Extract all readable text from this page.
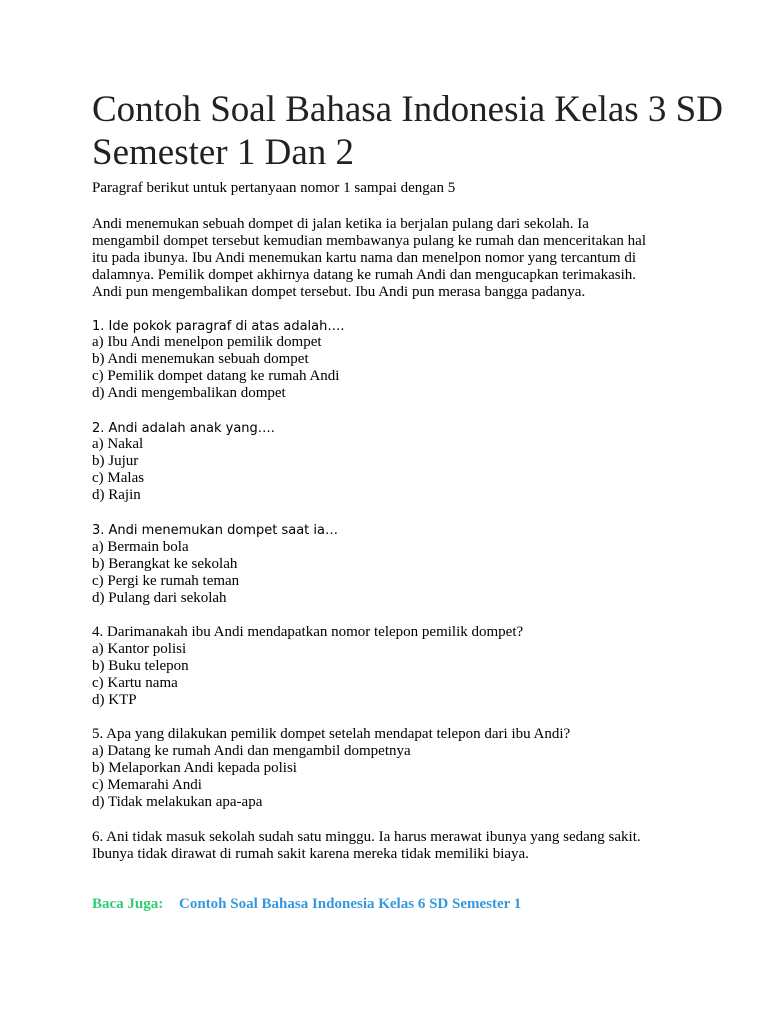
Contoh Soal Bahasa Indonesia Kelas 3 SD Semester 1 Dan 2
Paragraf berikut untuk pertanyaan nomor 1 sampai dengan 5
Andi menemukan sebuah dompet di jalan ketika ia berjalan pulang dari sekolah. Ia
mengambil dompet tersebut kemudian membawanya pulang ke rumah dan menceritakan hal
itu pada ibunya. Ibu Andi menemukan kartu nama dan menelpon nomor yang tercantum di
dalamnya. Pemilik dompet akhirnya datang ke rumah Andi dan mengucapkan terimakasih.
Andi pun mengembalikan dompet tersebut. Ibu Andi pun merasa bangga padanya.
1. Ide pokok paragraf di atas adalah….
a) Ibu Andi menelpon pemilik dompet
b) Andi menemukan sebuah dompet
c) Pemilik dompet datang ke rumah Andi
d) Andi mengembalikan dompet
2. Andi adalah anak yang….
a) Nakal
b) Jujur
c) Malas
d) Rajin
3. Andi menemukan dompet saat ia…
a) Bermain bola
b) Berangkat ke sekolah
c) Pergi ke rumah teman
d) Pulang dari sekolah
4. Darimanakah ibu Andi mendapatkan nomor telepon pemilik dompet?
a) Kantor polisi
b) Buku telepon
c) Kartu nama
d) KTP
5. Apa yang dilakukan pemilik dompet setelah mendapat telepon dari ibu Andi?
a) Datang ke rumah Andi dan mengambil dompetnya
b) Melaporkan Andi kepada polisi
c) Memarahi Andi
d) Tidak melakukan apa-apa
6. Ani tidak masuk sekolah sudah satu minggu. Ia harus merawat ibunya yang sedang sakit.
Ibunya tidak dirawat di rumah sakit karena mereka tidak memiliki biaya.
Baca Juga: Contoh Soal Bahasa Indonesia Kelas 6 SD Semester 1
